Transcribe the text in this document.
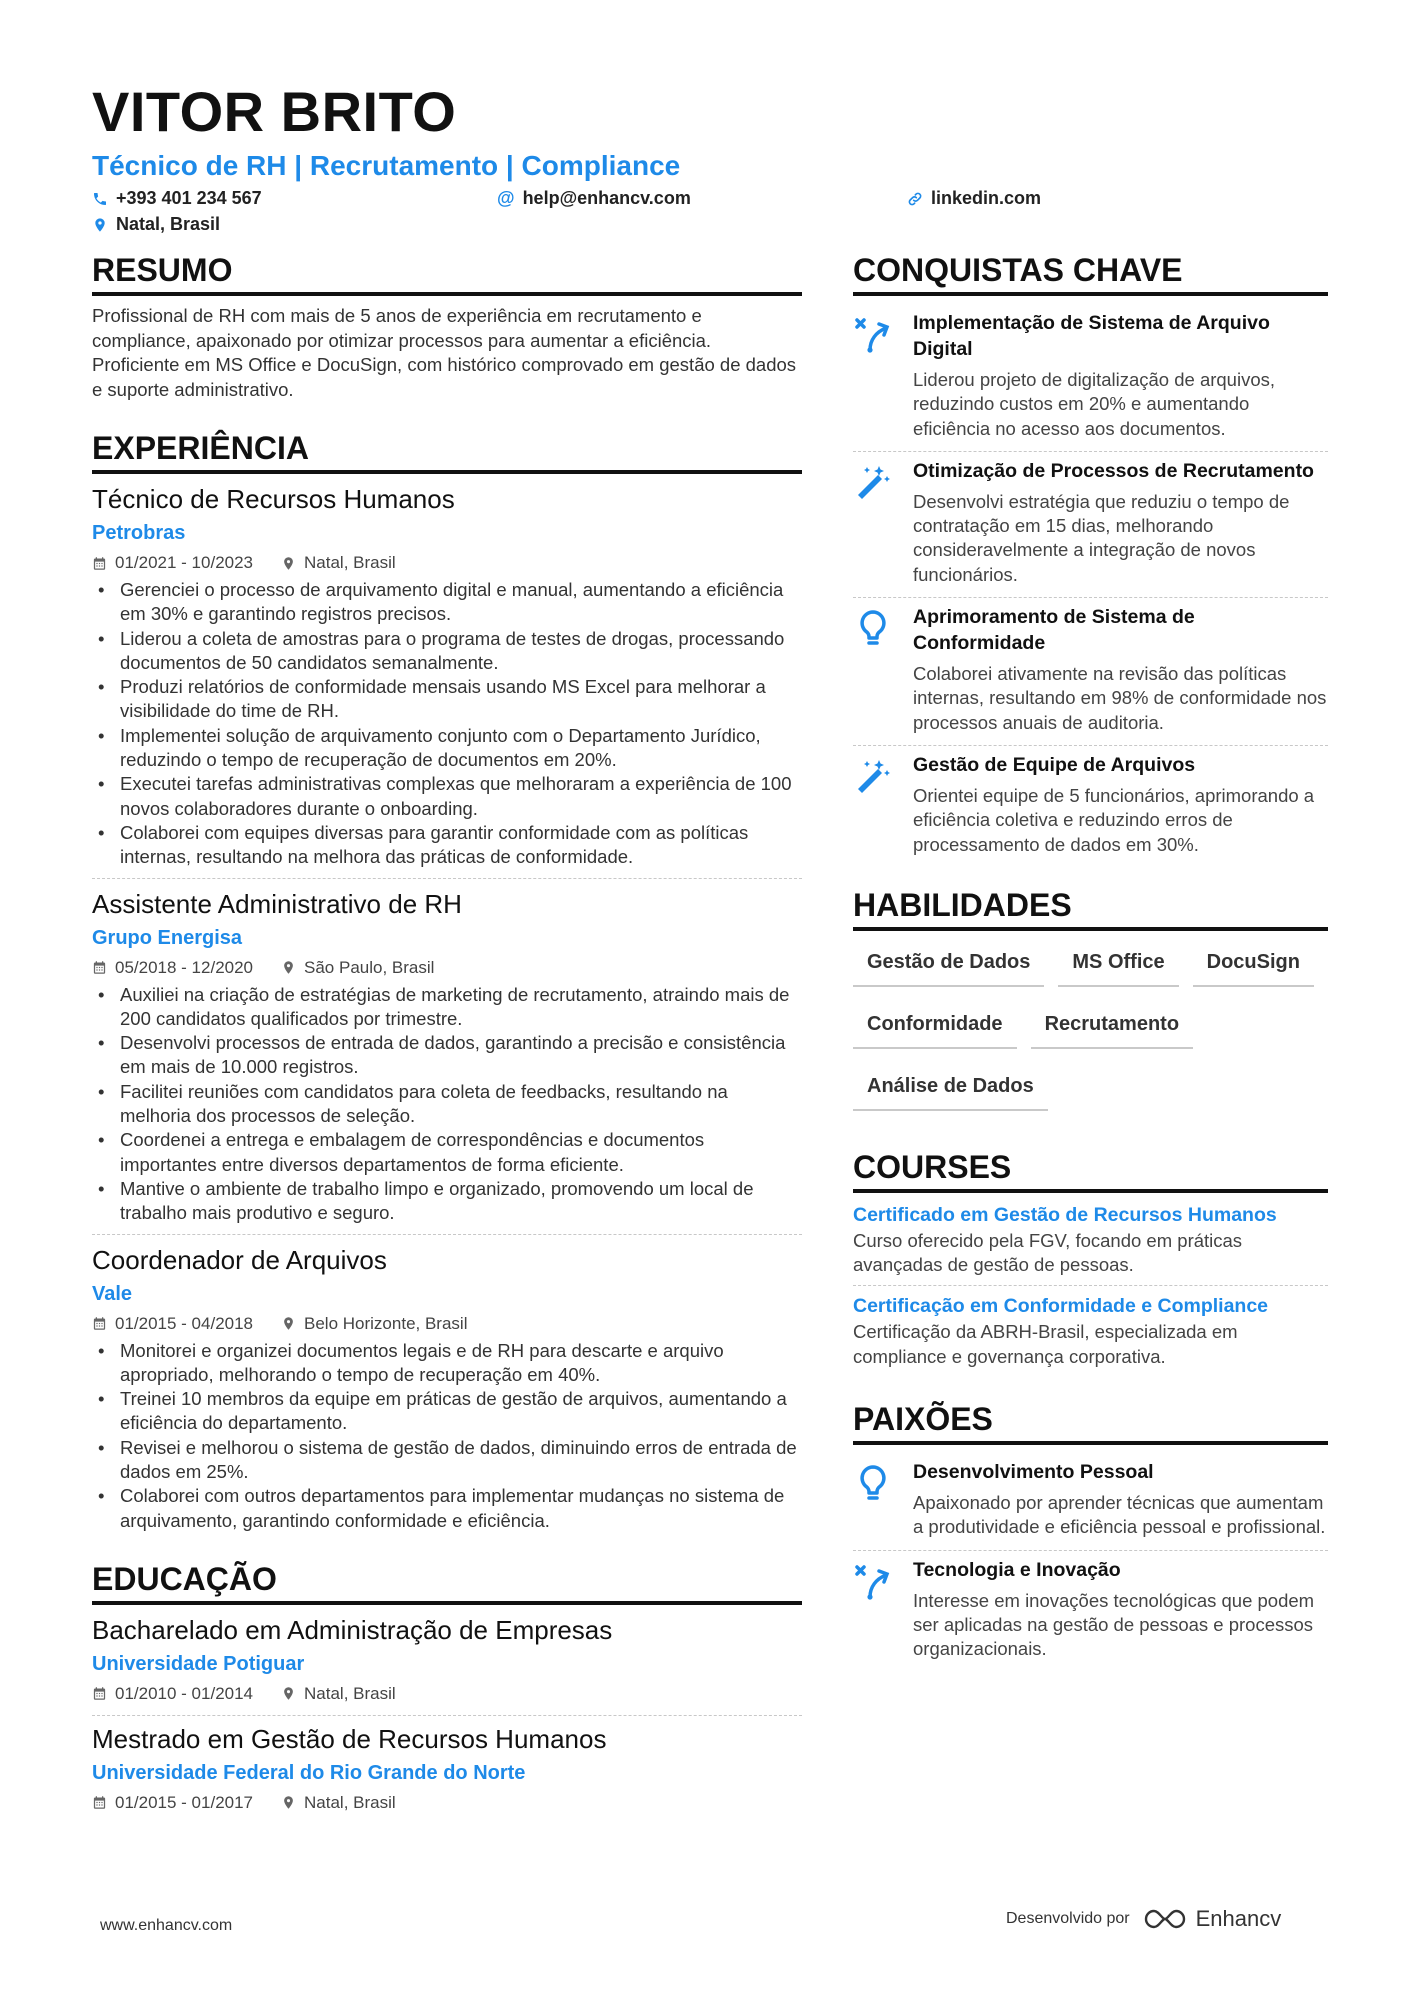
VITOR BRITO
Técnico de RH | Recrutamento | Compliance
+393 401 234 567	@ help@enhancv.com	linkedin.com
Natal, Brasil
RESUMO
Profissional de RH com mais de 5 anos de experiência em recrutamento e compliance, apaixonado por otimizar processos para aumentar a eficiência. Proficiente em MS Office e DocuSign, com histórico comprovado em gestão de dados e suporte administrativo.
EXPERIÊNCIA
Técnico de Recursos Humanos
Petrobras
01/2021 - 10/2023	Natal, Brasil
• Gerenciei o processo de arquivamento digital e manual, aumentando a eficiência em 30% e garantindo registros precisos.
• Liderou a coleta de amostras para o programa de testes de drogas, processando documentos de 50 candidatos semanalmente.
• Produzi relatórios de conformidade mensais usando MS Excel para melhorar a visibilidade do time de RH.
• Implementei solução de arquivamento conjunto com o Departamento Jurídico, reduzindo o tempo de recuperação de documentos em 20%.
• Executei tarefas administrativas complexas que melhoraram a experiência de 100 novos colaboradores durante o onboarding.
• Colaborei com equipes diversas para garantir conformidade com as políticas internas, resultando na melhora das práticas de conformidade.
Assistente Administrativo de RH
Grupo Energisa
05/2018 - 12/2020	São Paulo, Brasil
• Auxiliei na criação de estratégias de marketing de recrutamento, atraindo mais de 200 candidatos qualificados por trimestre.
• Desenvolvi processos de entrada de dados, garantindo a precisão e consistência em mais de 10.000 registros.
• Facilitei reuniões com candidatos para coleta de feedbacks, resultando na melhoria dos processos de seleção.
• Coordenei a entrega e embalagem de correspondências e documentos importantes entre diversos departamentos de forma eficiente.
• Mantive o ambiente de trabalho limpo e organizado, promovendo um local de trabalho mais produtivo e seguro.
Coordenador de Arquivos
Vale
01/2015 - 04/2018	Belo Horizonte, Brasil
• Monitorei e organizei documentos legais e de RH para descarte e arquivo apropriado, melhorando o tempo de recuperação em 40%.
• Treinei 10 membros da equipe em práticas de gestão de arquivos, aumentando a eficiência do departamento.
• Revisei e melhorou o sistema de gestão de dados, diminuindo erros de entrada de dados em 25%.
• Colaborei com outros departamentos para implementar mudanças no sistema de arquivamento, garantindo conformidade e eficiência.
EDUCAÇÃO
Bacharelado em Administração de Empresas
Universidade Potiguar
01/2010 - 01/2014	Natal, Brasil
Mestrado em Gestão de Recursos Humanos
Universidade Federal do Rio Grande do Norte
01/2015 - 01/2017	Natal, Brasil
CONQUISTAS CHAVE
Implementação de Sistema de Arquivo Digital
Liderou projeto de digitalização de arquivos, reduzindo custos em 20% e aumentando eficiência no acesso aos documentos.
Otimização de Processos de Recrutamento
Desenvolvi estratégia que reduziu o tempo de contratação em 15 dias, melhorando consideravelmente a integração de novos funcionários.
Aprimoramento de Sistema de Conformidade
Colaborei ativamente na revisão das políticas internas, resultando em 98% de conformidade nos processos anuais de auditoria.
Gestão de Equipe de Arquivos
Orientei equipe de 5 funcionários, aprimorando a eficiência coletiva e reduzindo erros de processamento de dados em 30%.
HABILIDADES
Gestão de Dados	MS Office	DocuSign
Conformidade	Recrutamento
Análise de Dados
COURSES
Certificado em Gestão de Recursos Humanos
Curso oferecido pela FGV, focando em práticas avançadas de gestão de pessoas.
Certificação em Conformidade e Compliance
Certificação da ABRH-Brasil, especializada em compliance e governança corporativa.
PAIXÕES
Desenvolvimento Pessoal
Apaixonado por aprender técnicas que aumentam a produtividade e eficiência pessoal e profissional.
Tecnologia e Inovação
Interesse em inovações tecnológicas que podem ser aplicadas na gestão de pessoas e processos organizacionais.
www.enhancv.com	Desenvolvido por	Enhancv
